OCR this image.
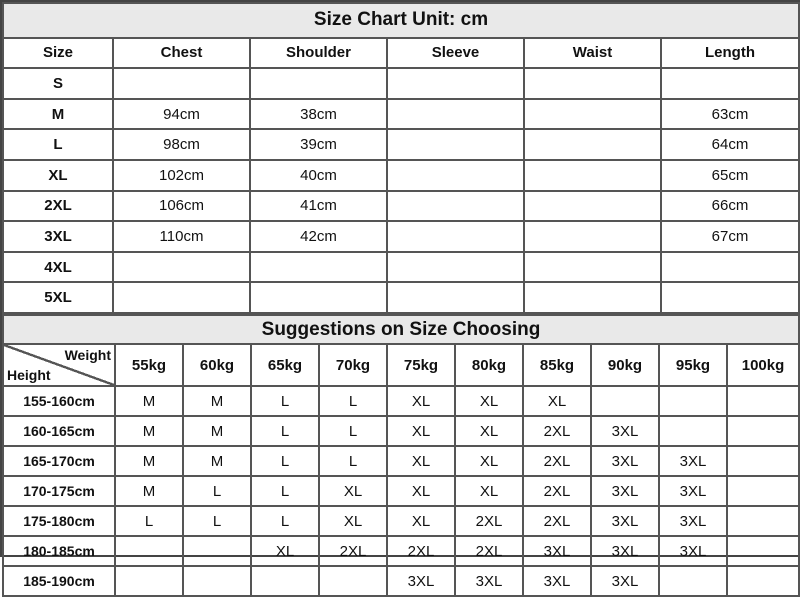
Size Chart Unit: cm					
Size	Chest	Shoulder	Sleeve	Waist	Length
S					
M	94cm	38cm			63cm
L	98cm	39cm			64cm
XL	102cm	40cm			65cm
2XL	106cm	41cm			66cm
3XL	110cm	42cm			67cm
4XL					
5XL					
Suggestions on Size Choosing										

Weight
Height	55kg	60kg	65kg	70kg	75kg	80kg	85kg	90kg	95kg	100kg
155-160cm	M	M	L	L	XL	XL	XL			
160-165cm	M	M	L	L	XL	XL	2XL	3XL		
165-170cm	M	M	L	L	XL	XL	2XL	3XL	3XL	
170-175cm	M	L	L	XL	XL	XL	2XL	3XL	3XL	
175-180cm	L	L	L	XL	XL	2XL	2XL	3XL	3XL	
180-185cm			XL	2XL	2XL	2XL	3XL	3XL	3XL	
185-190cm					3XL	3XL	3XL	3XL		
